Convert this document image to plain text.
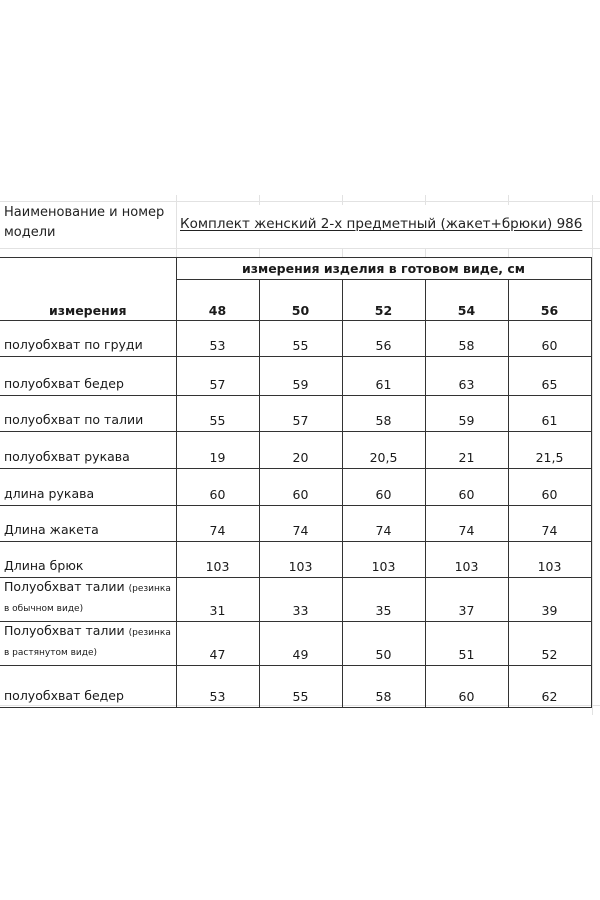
Наименование и номер модели
Комплект женский 2-х предметный (жакет+брюки) 986
измерения	измерения изделия в готовом виде, см				
	48	50	52	54	56
полуобхват по груди	53	55	56	58	60
полуобхват бедер	57	59	61	63	65
полуобхват по талии	55	57	58	59	61
полуобхват рукава	19	20	20,5	21	21,5
длина рукава	60	60	60	60	60
Длина жакета	74	74	74	74	74
Длина брюк	103	103	103	103	103
Полуобхват талии (резинка в обычном виде)	31	33	35	37	39
Полуобхват талии (резинка в растянутом виде)	47	49	50	51	52
полуобхват бедер	53	55	58	60	62
